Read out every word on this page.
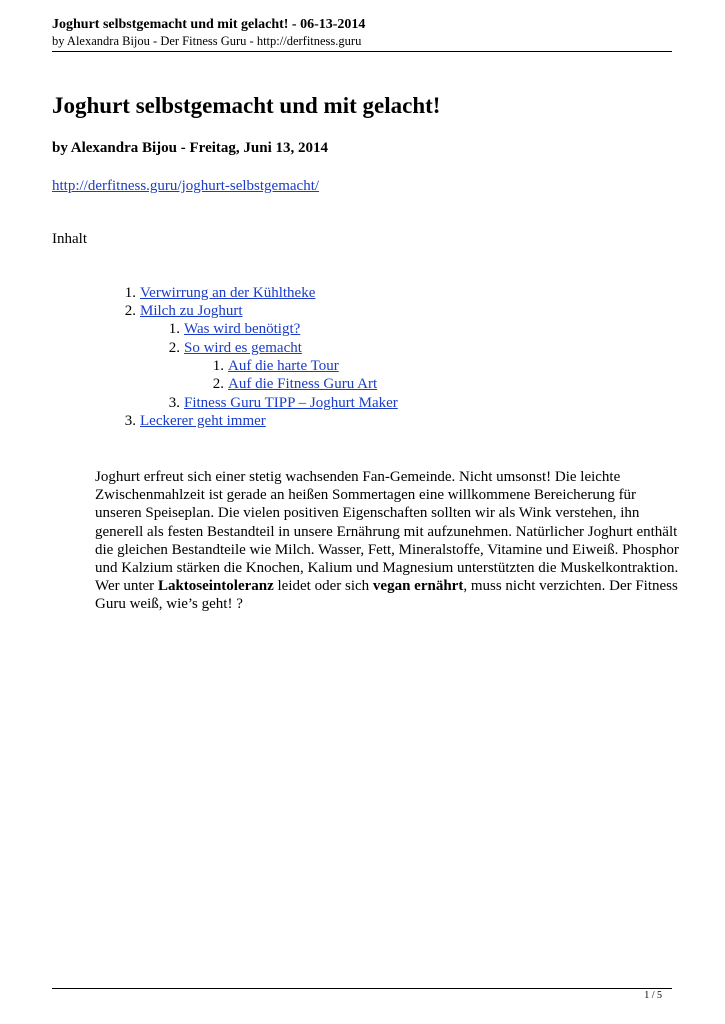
Joghurt selbstgemacht und mit gelacht! - 06-13-2014
by Alexandra Bijou - Der Fitness Guru - http://derfitness.guru
Joghurt selbstgemacht und mit gelacht!
by Alexandra Bijou - Freitag, Juni 13, 2014
http://derfitness.guru/joghurt-selbstgemacht/
Inhalt
1. Verwirrung an der Kühltheke
2. Milch zu Joghurt
1. Was wird benötigt?
2. So wird es gemacht
1. Auf die harte Tour
2. Auf die Fitness Guru Art
3. Fitness Guru TIPP – Joghurt Maker
3. Leckerer geht immer

Joghurt erfreut sich einer stetig wachsenden Fan-Gemeinde. Nicht umsonst! Die leichte Zwischenmahlzeit ist gerade an heißen Sommertagen eine willkommene Bereicherung für unseren Speiseplan. Die vielen positiven Eigenschaften sollten wir als Wink verstehen, ihn generell als festen Bestandteil in unsere Ernährung mit aufzunehmen. Natürlicher Joghurt enthält die gleichen Bestandteile wie Milch. Wasser, Fett, Mineralstoffe, Vitamine und Eiweiß. Phosphor und Kalzium stärken die Knochen, Kalium und Magnesium unterstützten die Muskelkontraktion. Wer unter Laktoseintoleranz leidet oder sich vegan ernährt, muss nicht verzichten. Der Fitness Guru weiß, wie’s geht! ?

1 / 5
